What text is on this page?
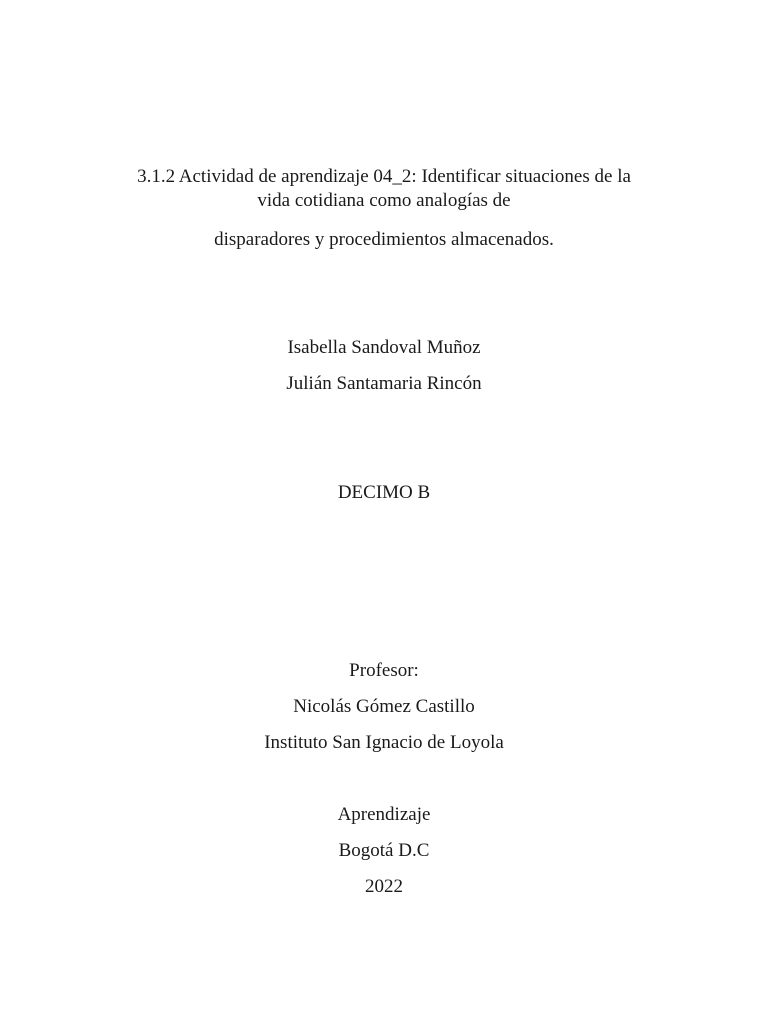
3.1.2 Actividad de aprendizaje 04_2: Identificar situaciones de la
vida cotidiana como analogías de
disparadores y procedimientos almacenados.
Isabella Sandoval Muñoz
Julián Santamaria Rincón
DECIMO B
Profesor:
Nicolás Gómez Castillo
Instituto San Ignacio de Loyola
Aprendizaje
Bogotá D.C
2022
